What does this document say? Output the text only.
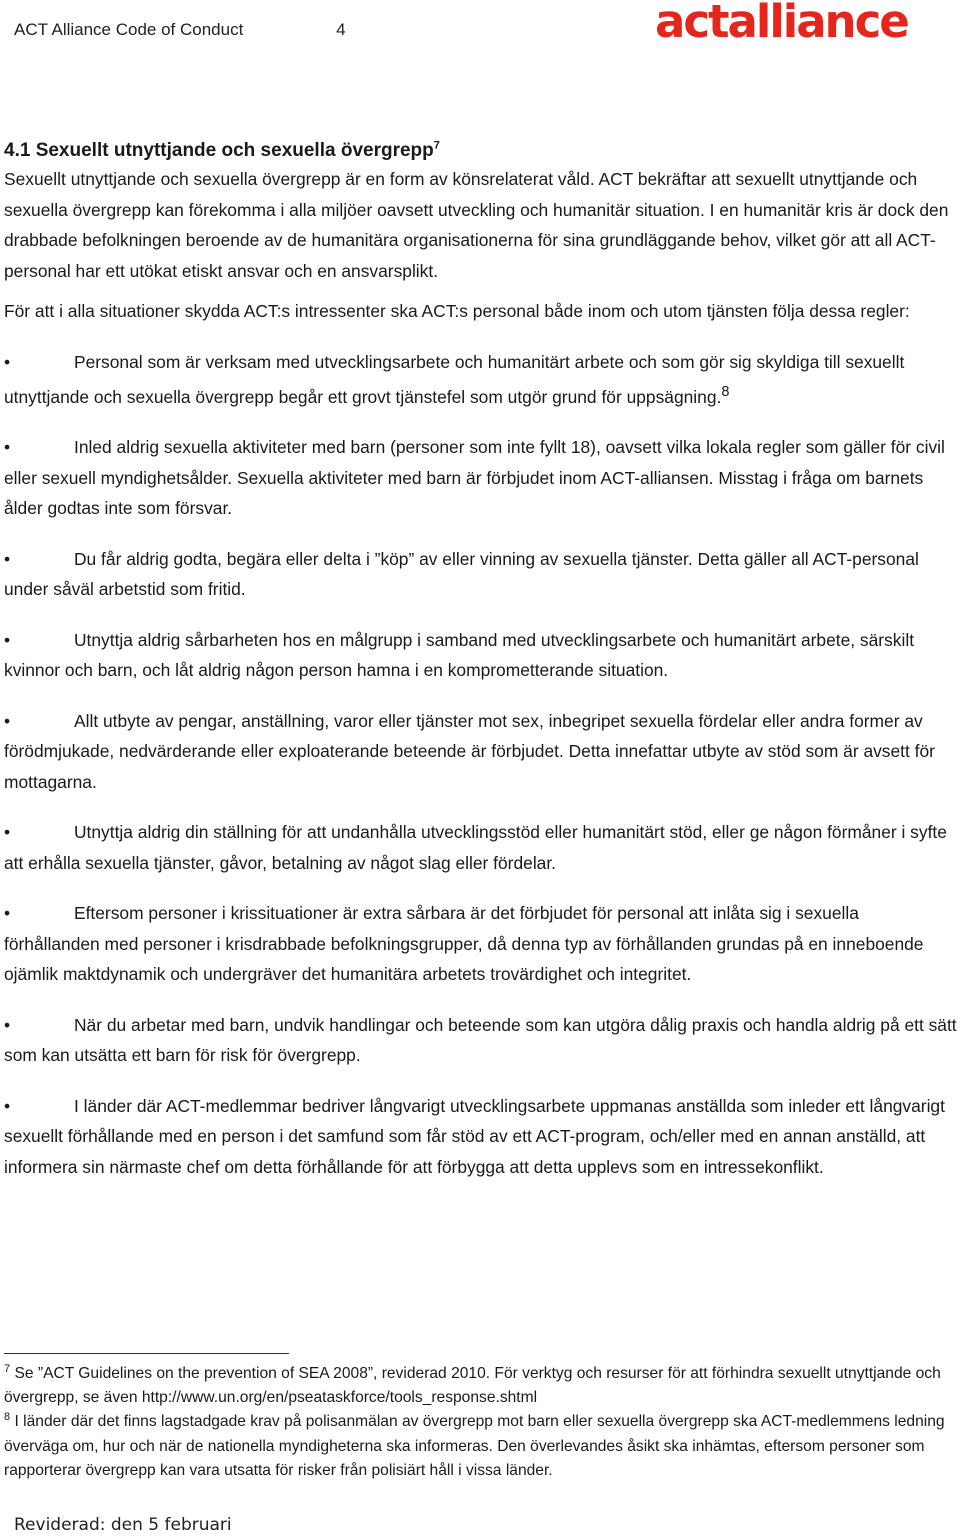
ACT Alliance Code of Conduct	4	actalliance

4.1 Sexuellt utnyttjande och sexuella övergrepp$^7$

Sexuellt utnyttjande och sexuella övergrepp är en form av könsrelaterat våld. ACT bekräftar att sexuellt utnyttjande och sexuella övergrepp kan förekomma i alla miljöer oavsett utveckling och humanitär situation. I en humanitär kris är dock den drabbade befolkningen beroende av de humanitära organisationerna för sina grundläggande behov, vilket gör att all ACT-personal har ett utökat etiskt ansvar och en ansvarsplikt.

För att i alla situationer skydda ACT:s intressenter ska ACT:s personal både inom och utom tjänsten följa dessa regler:

•	Personal som är verksam med utvecklingsarbete och humanitärt arbete och som gör sig skyldiga till sexuellt utnyttjande och sexuella övergrepp begår ett grovt tjänstefel som utgör grund för uppsägning.$^8$

•	Inled aldrig sexuella aktiviteter med barn (personer som inte fyllt 18), oavsett vilka lokala regler som gäller för civil eller sexuell myndighetsålder. Sexuella aktiviteter med barn är förbjudet inom ACT-alliansen. Misstag i fråga om barnets ålder godtas inte som försvar.

•	Du får aldrig godta, begära eller delta i ”köp” av eller vinning av sexuella tjänster. Detta gäller all ACT-personal under såväl arbetstid som fritid.

•	Utnyttja aldrig sårbarheten hos en målgrupp i samband med utvecklingsarbete och humanitärt arbete, särskilt kvinnor och barn, och låt aldrig någon person hamna i en komprometterande situation.

•	Allt utbyte av pengar, anställning, varor eller tjänster mot sex, inbegripet sexuella fördelar eller andra former av förödmjukade, nedvärderande eller exploaterande beteende är förbjudet. Detta innefattar utbyte av stöd som är avsett för mottagarna.

•	Utnyttja aldrig din ställning för att undanhålla utvecklingsstöd eller humanitärt stöd, eller ge någon förmåner i syfte att erhålla sexuella tjänster, gåvor, betalning av något slag eller fördelar.

•	Eftersom personer i krissituationer är extra sårbara är det förbjudet för personal att inlåta sig i sexuella förhållanden med personer i krisdrabbade befolkningsgrupper, då denna typ av förhållanden grundas på en inneboende ojämlik maktdynamik och undergräver det humanitära arbetets trovärdighet och integritet.

•	När du arbetar med barn, undvik handlingar och beteende som kan utgöra dålig praxis och handla aldrig på ett sätt som kan utsätta ett barn för risk för övergrepp.

•	I länder där ACT-medlemmar bedriver långvarigt utvecklingsarbete uppmanas anställda som inleder ett långvarigt sexuellt förhållande med en person i det samfund som får stöd av ett ACT-program, och/eller med en annan anställd, att informera sin närmaste chef om detta förhållande för att förbygga att detta upplevs som en intressekonflikt.

$^7$ Se ”ACT Guidelines on the prevention of SEA 2008”, reviderad 2010. För verktyg och resurser för att förhindra sexuellt utnyttjande och övergrepp, se även http://www.un.org/en/pseataskforce/tools_response.shtml

$^8$ I länder där det finns lagstadgade krav på polisanmälan av övergrepp mot barn eller sexuella övergrepp ska ACT-medlemmens ledning överväga om, hur och när de nationella myndigheterna ska informeras. Den överlevandes åsikt ska inhämtas, eftersom personer som rapporterar övergrepp kan vara utsatta för risker från polisiärt håll i vissa länder.

Reviderad: den 5 februari
